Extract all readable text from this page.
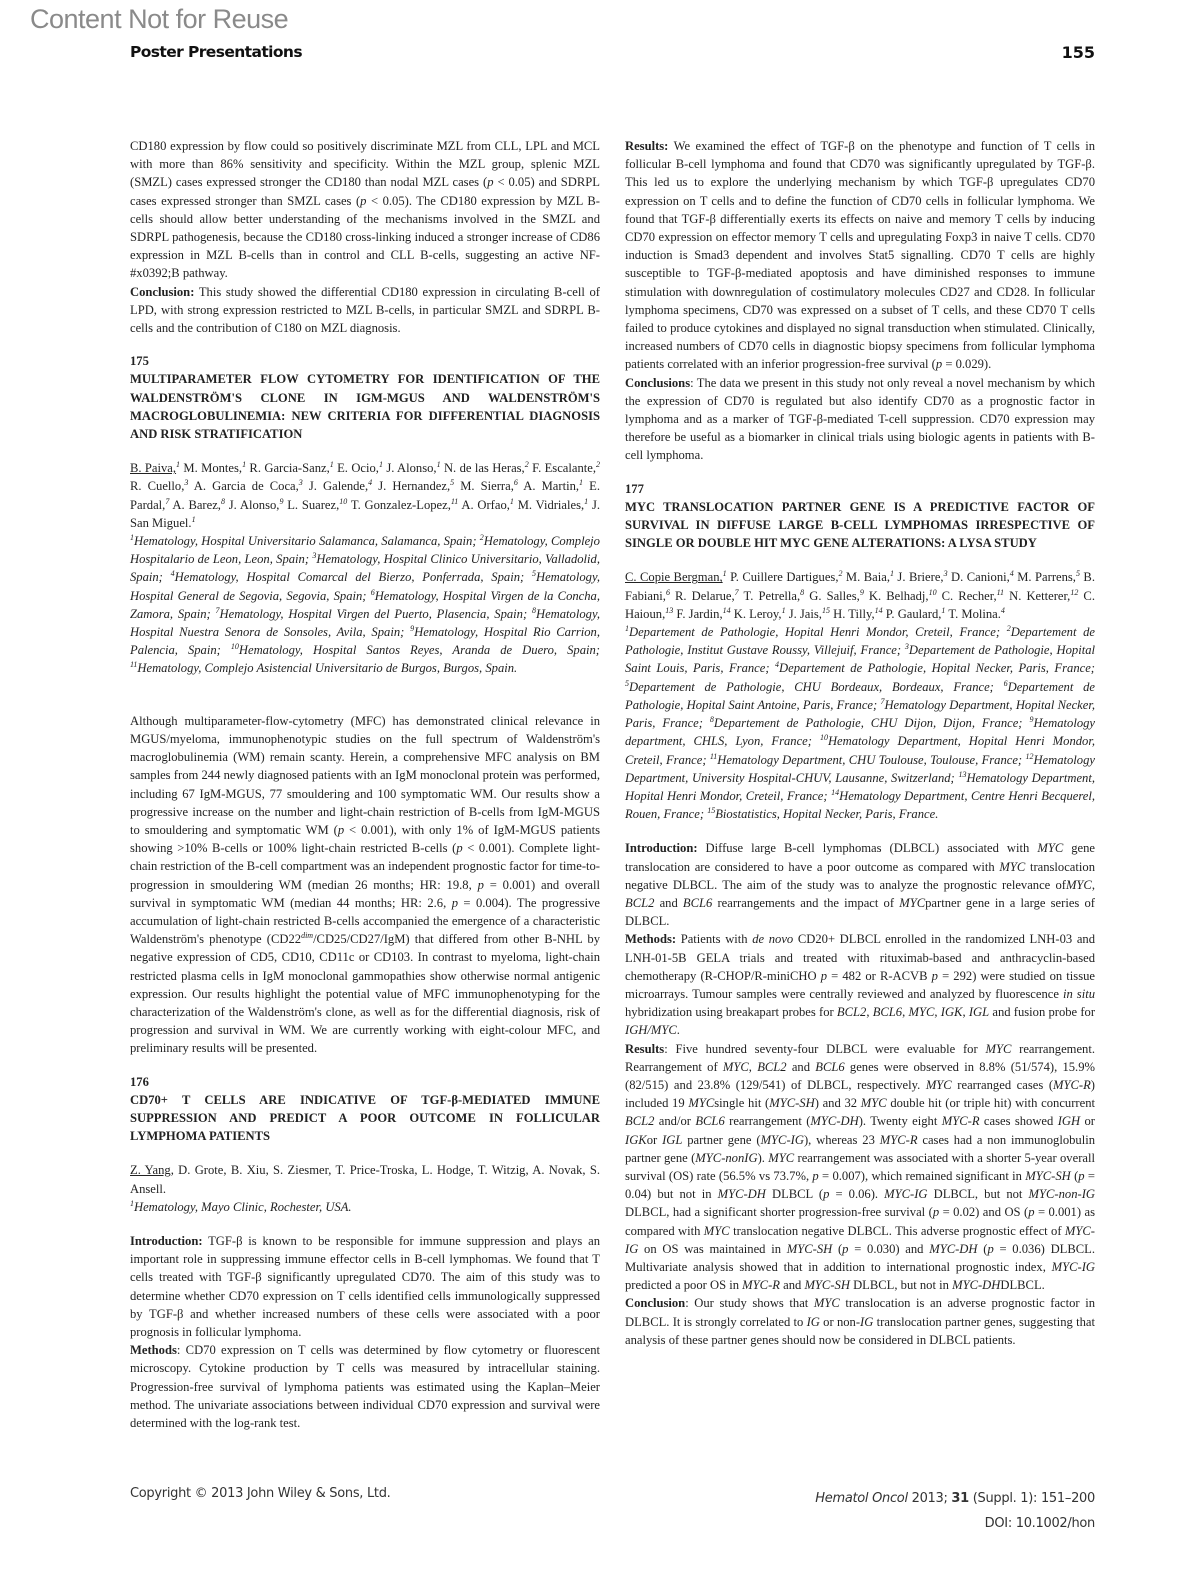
Content Not for Reuse
Poster Presentations	155

CD180 expression by flow could so positively discriminate MZL from CLL, LPL and MCL with more than 86% sensitivity and specificity. Within the MZL group, splenic MZL (SMZL) cases expressed stronger the CD180 than nodal MZL cases (p < 0.05) and SDRPL cases expressed stronger than SMZL cases (p < 0.05). The CD180 expression by MZL B-cells should allow better understanding of the mechanisms involved in the SMZL and SDRPL pathogenesis, because the CD180 cross-linking induced a stronger increase of CD86 expression in MZL B-cells than in control and CLL B-cells, suggesting an active NF-#x0392;B pathway.

Conclusion: This study showed the differential CD180 expression in circulating B-cell of LPD, with strong expression restricted to MZL B-cells, in particular SMZL and SDRPL B-cells and the contribution of C180 on MZL diagnosis.

175

MULTIPARAMETER FLOW CYTOMETRY FOR IDENTIFICATION OF THE WALDENSTRÖM'S CLONE IN IGM-MGUS AND WALDENSTRÖM'S MACROGLOBULINEMIA: NEW CRITERIA FOR DIFFERENTIAL DIAGNOSIS AND RISK STRATIFICATION

B. Paiva,$^1$ M. Montes,$^1$ R. Garcia-Sanz,$^1$ E. Ocio,$^1$ J. Alonso,$^1$ N. de las Heras,$^2$ F. Escalante,$^2$ R. Cuello,$^3$ A. Garcia de Coca,$^3$ J. Galende,$^4$ J. Hernandez,$^5$ M. Sierra,$^6$ A. Martin,$^1$ E. Pardal,$^7$ A. Barez,$^8$ J. Alonso,$^9$ L. Suarez,$^{10}$ T. Gonzalez-Lopez,$^{11}$ A. Orfao,$^1$ M. Vidriales,$^1$ J. San Miguel.$^1$

$^1$Hematology, Hospital Universitario Salamanca, Salamanca, Spain; $^2$Hematology, Complejo Hospitalario de Leon, Leon, Spain; $^3$Hematology, Hospital Clinico Universitario, Valladolid, Spain; $^4$Hematology, Hospital Comarcal del Bierzo, Ponferrada, Spain; $^5$Hematology, Hospital General de Segovia, Segovia, Spain; $^6$Hematology, Hospital Virgen de la Concha, Zamora, Spain; $^7$Hematology, Hospital Virgen del Puerto, Plasencia, Spain; $^8$Hematology, Hospital Nuestra Senora de Sonsoles, Avila, Spain; $^9$Hematology, Hospital Rio Carrion, Palencia, Spain; $^{10}$Hematology, Hospital Santos Reyes, Aranda de Duero, Spain; $^{11}$Hematology, Complejo Asistencial Universitario de Burgos, Burgos, Spain.

Although multiparameter-flow-cytometry (MFC) has demonstrated clinical relevance in MGUS/myeloma, immunophenotypic studies on the full spectrum of Waldenström's macroglobulinemia (WM) remain scanty. Herein, a comprehensive MFC analysis on BM samples from 244 newly diagnosed patients with an IgM monoclonal protein was performed, including 67 IgM-MGUS, 77 smouldering and 100 symptomatic WM. Our results show a progressive increase on the number and light-chain restriction of B-cells from IgM-MGUS to smouldering and symptomatic WM (p < 0.001), with only 1% of IgM-MGUS patients showing >10% B-cells or 100% light-chain restricted B-cells (p < 0.001). Complete light-chain restriction of the B-cell compartment was an independent prognostic factor for time-to-progression in smouldering WM (median 26 months; HR: 19.8, p = 0.001) and overall survival in symptomatic WM (median 44 months; HR: 2.6, p = 0.004). The progressive accumulation of light-chain restricted B-cells accompanied the emergence of a characteristic Waldenström's phenotype $(CD22^{dim}/CD25/CD27/IgM)$ that differed from other B-NHL by negative expression of CD5, CD10, CD11c or CD103. In contrast to myeloma, light-chain restricted plasma cells in IgM monoclonal gammopathies show otherwise normal antigenic expression. Our results highlight the potential value of MFC immunophenotyping for the characterization of the Waldenström's clone, as well as for the differential diagnosis, risk of progression and survival in WM. We are currently working with eight-colour MFC, and preliminary results will be presented.

176

CD70+ T CELLS ARE INDICATIVE OF TGF-β-MEDIATED IMMUNE SUPPRESSION AND PREDICT A POOR OUTCOME IN FOLLICULAR LYMPHOMA PATIENTS

Z. Yang, D. Grote, B. Xiu, S. Ziesmer, T. Price-Troska, L. Hodge, T. Witzig, A. Novak, S. Ansell.

$^1$Hematology, Mayo Clinic, Rochester, USA.

Introduction: TGF-β is known to be responsible for immune suppression and plays an important role in suppressing immune effector cells in B-cell lymphomas. We found that T cells treated with TGF-β significantly upregulated CD70. The aim of this study was to determine whether CD70 expression on T cells identified cells immunologically suppressed by TGF-β and whether increased numbers of these cells were associated with a poor prognosis in follicular lymphoma.

Methods: CD70 expression on T cells was determined by flow cytometry or fluorescent microscopy. Cytokine production by T cells was measured by intracellular staining. Progression-free survival of lymphoma patients was estimated using the Kaplan–Meier method. The univariate associations between individual CD70 expression and survival were determined with the log-rank test.

Results: We examined the effect of TGF-β on the phenotype and function of T cells in follicular B-cell lymphoma and found that CD70 was significantly upregulated by TGF-β. This led us to explore the underlying mechanism by which TGF-β upregulates CD70 expression on T cells and to define the function of CD70 cells in follicular lymphoma. We found that TGF-β differentially exerts its effects on naive and memory T cells by inducing CD70 expression on effector memory T cells and upregulating Foxp3 in naive T cells. CD70 induction is Smad3 dependent and involves Stat5 signalling. CD70 T cells are highly susceptible to TGF-β-mediated apoptosis and have diminished responses to immune stimulation with downregulation of costimulatory molecules CD27 and CD28. In follicular lymphoma specimens, CD70 was expressed on a subset of T cells, and these CD70 T cells failed to produce cytokines and displayed no signal transduction when stimulated. Clinically, increased numbers of CD70 cells in diagnostic biopsy specimens from follicular lymphoma patients correlated with an inferior progression-free survival (p = 0.029).

Conclusions: The data we present in this study not only reveal a novel mechanism by which the expression of CD70 is regulated but also identify CD70 as a prognostic factor in lymphoma and as a marker of TGF-β-mediated T-cell suppression. CD70 expression may therefore be useful as a biomarker in clinical trials using biologic agents in patients with B-cell lymphoma.

177

MYC TRANSLOCATION PARTNER GENE IS A PREDICTIVE FACTOR OF SURVIVAL IN DIFFUSE LARGE B-CELL LYMPHOMAS IRRESPECTIVE OF SINGLE OR DOUBLE HIT MYC GENE ALTERATIONS: A LYSA STUDY

C. Copie Bergman,$^1$ P. Cuillere Dartigues,$^2$ M. Baia,$^1$ J. Briere,$^3$ D. Canioni,$^4$ M. Parrens,$^5$ B. Fabiani,$^6$ R. Delarue,$^7$ T. Petrella,$^8$ G. Salles,$^9$ K. Belhadj,$^{10}$ C. Recher,$^{11}$ N. Ketterer,$^{12}$ C. Haioun,$^{13}$ F. Jardin,$^{14}$ K. Leroy,$^1$ J. Jais,$^{15}$ H. Tilly,$^{14}$ P. Gaulard,$^1$ T. Molina.$^4$

$^1$Departement de Pathologie, Hopital Henri Mondor, Creteil, France; $^2$Departement de Pathologie, Institut Gustave Roussy, Villejuif, France; $^3$Departement de Pathologie, Hopital Saint Louis, Paris, France; $^4$Departement de Pathologie, Hopital Necker, Paris, France; $^5$Departement de Pathologie, CHU Bordeaux, Bordeaux, France; $^6$Departement de Pathologie, Hopital Saint Antoine, Paris, France; $^7$Hematology Department, Hopital Necker, Paris, France; $^8$Departement de Pathologie, CHU Dijon, Dijon, France; $^9$Hematology department, CHLS, Lyon, France; $^{10}$Hematology Department, Hopital Henri Mondor, Creteil, France; $^{11}$Hematology Department, CHU Toulouse, Toulouse, France; $^{12}$Hematology Department, University Hospital-CHUV, Lausanne, Switzerland; $^{13}$Hematology Department, Hopital Henri Mondor, Creteil, France; $^{14}$Hematology Department, Centre Henri Becquerel, Rouen, France; $^{15}$Biostatistics, Hopital Necker, Paris, France.

Introduction: Diffuse large B-cell lymphomas (DLBCL) associated with MYC gene translocation are considered to have a poor outcome as compared with MYC translocation negative DLBCL. The aim of the study was to analyze the prognostic relevance ofMYC, BCL2 and BCL6 rearrangements and the impact of MYCpartner gene in a large series of DLBCL.

Methods: Patients with de novo CD20+ DLBCL enrolled in the randomized LNH-03 and LNH-01-5B GELA trials and treated with rituximab-based and anthracyclin-based chemotherapy (R-CHOP/R-miniCHO p = 482 or R-ACVB p = 292) were studied on tissue microarrays. Tumour samples were centrally reviewed and analyzed by fluorescence in situ hybridization using breakapart probes for BCL2, BCL6, MYC, IGK, IGL and fusion probe for IGH/MYC.

Results: Five hundred seventy-four DLBCL were evaluable for MYC rearrangement. Rearrangement of MYC, BCL2 and BCL6 genes were observed in 8.8% (51/574), 15.9% (82/515) and 23.8% (129/541) of DLBCL, respectively. MYC rearranged cases (MYC-R) included 19 MYCsingle hit (MYC-SH) and 32 MYC double hit (or triple hit) with concurrent BCL2 and/or BCL6 rearrangement (MYC-DH). Twenty eight MYC-R cases showed IGH or IGKor IGL partner gene (MYC-IG), whereas 23 MYC-R cases had a non immunoglobulin partner gene (MYC-nonIG). MYC rearrangement was associated with a shorter 5-year overall survival (OS) rate (56.5% vs 73.7%, p = 0.007), which remained significant in MYC-SH (p = 0.04) but not in MYC-DH DLBCL (p = 0.06). MYC-IG DLBCL, but not MYC-non-IG DLBCL, had a significant shorter progression-free survival (p = 0.02) and OS (p = 0.001) as compared with MYC translocation negative DLBCL. This adverse prognostic effect of MYC-IG on OS was maintained in MYC-SH (p = 0.030) and MYC-DH (p = 0.036) DLBCL. Multivariate analysis showed that in addition to international prognostic index, MYC-IG predicted a poor OS in MYC-R and MYC-SH DLBCL, but not in MYC-DHDLBCL.

Conclusion: Our study shows that MYC translocation is an adverse prognostic factor in DLBCL. It is strongly correlated to IG or non-IG translocation partner genes, suggesting that analysis of these partner genes should now be considered in DLBCL patients.

Copyright © 2013 John Wiley & Sons, Ltd.	Hematol Oncol 2013; 31 (Suppl. 1): 151–200
DOI: 10.1002/hon
